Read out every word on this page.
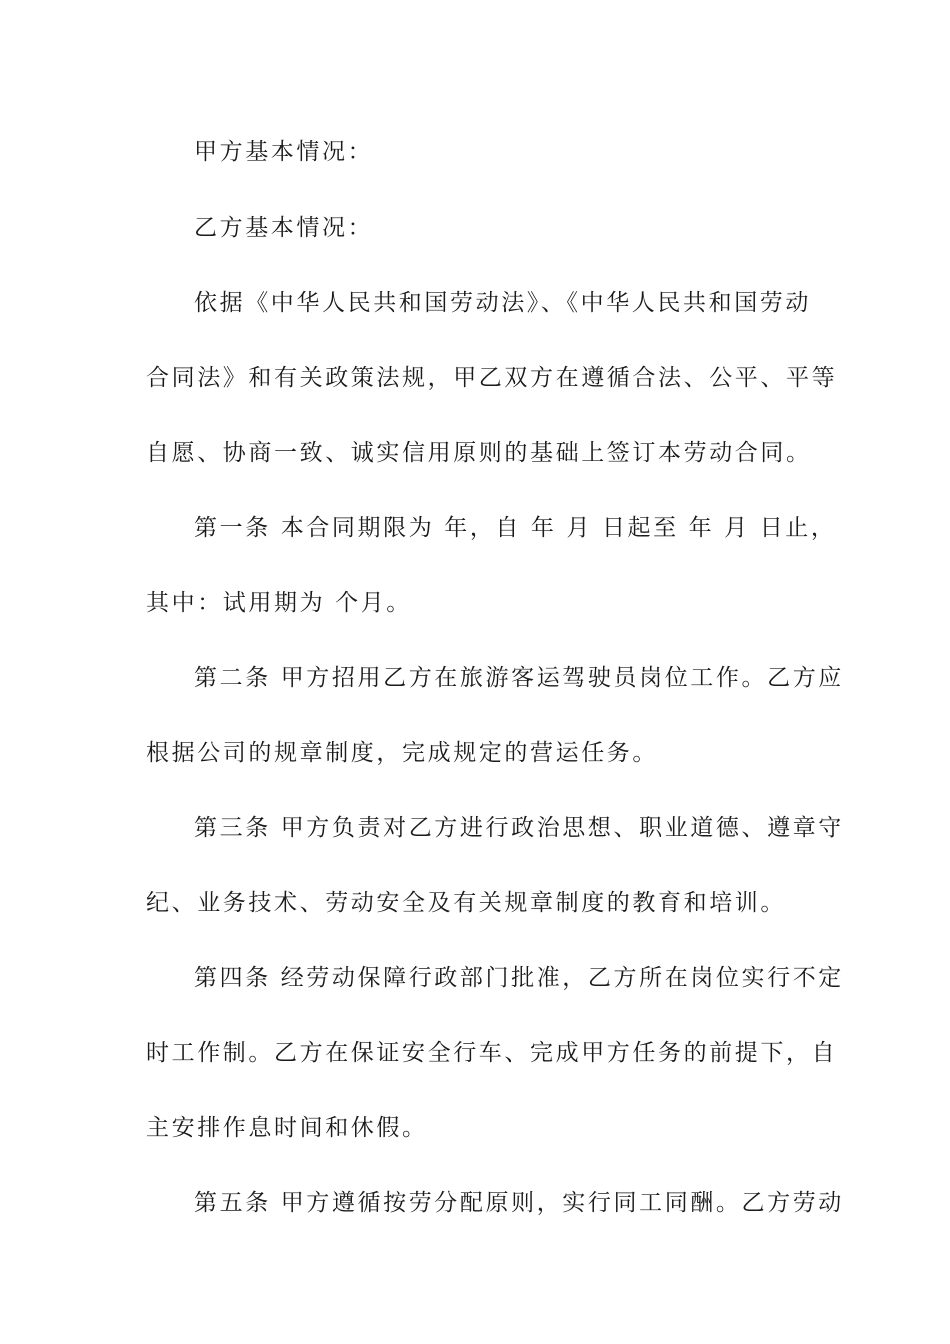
甲方基本情况：
乙方基本情况：
依据《中华人民共和国劳动法》、《中华人民共和国劳动
合同法》和有关政策法规，甲乙双方在遵循合法、公平、平等
自愿、协商一致、诚实信用原则的基础上签订本劳动合同。
第一条 本合同期限为 年，自 年 月 日起至 年 月 日止，
其中：试用期为 个月。
第二条 甲方招用乙方在旅游客运驾驶员岗位工作。乙方应
根据公司的规章制度，完成规定的营运任务。
第三条 甲方负责对乙方进行政治思想、职业道德、遵章守
纪、业务技术、劳动安全及有关规章制度的教育和培训。
第四条 经劳动保障行政部门批准，乙方所在岗位实行不定
时工作制。乙方在保证安全行车、完成甲方任务的前提下，自
主安排作息时间和休假。
第五条 甲方遵循按劳分配原则，实行同工同酬。乙方劳动
